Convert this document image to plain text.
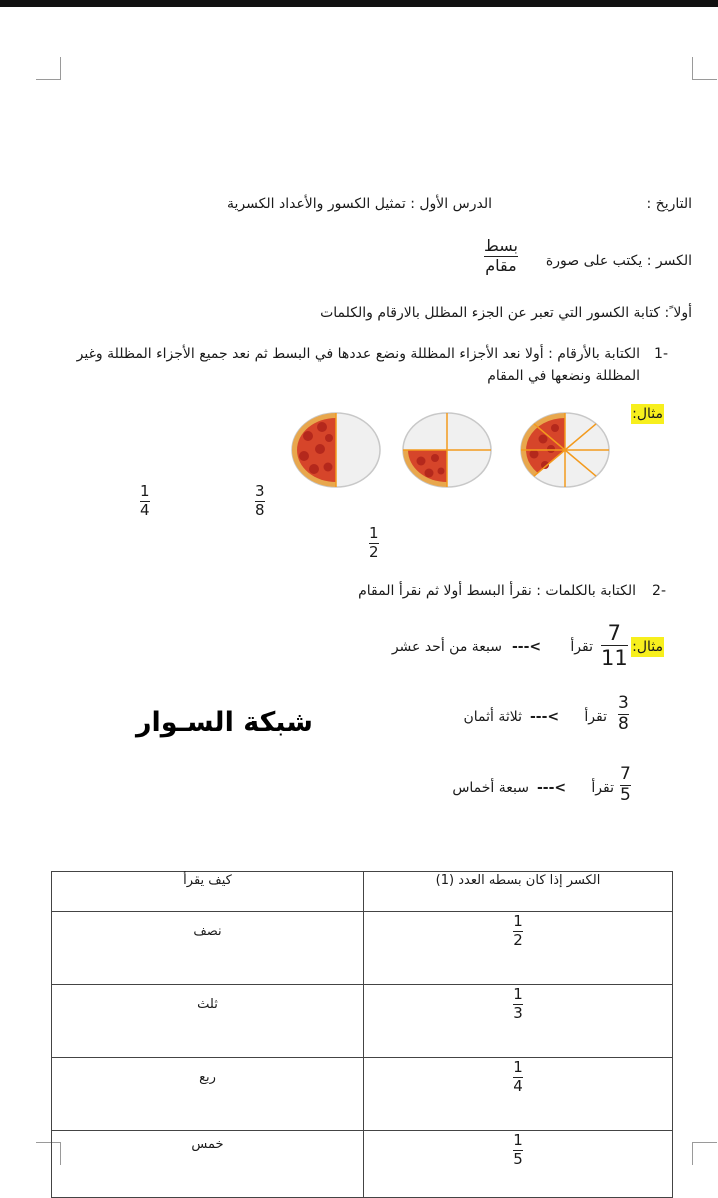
التاريخ :
الدرس الأول : تمثيل الكسور والأعداد الكسرية
الكسر : يكتب على صورة
$\frac{\text{بسط}}{\text{مقام}}$
أولا ً: كتابة الكسور التي تعبر عن الجزء المظلل بالارقام والكلمات
-1
الكتابة بالأرقام : أولا نعد الأجزاء المظللة ونضع عددها في البسط ثم نعد جميع الأجزاء المظللة وغير
المظللة ونضعها في المقام
مثال:
$\frac{1}{4}$	$\frac{3}{8}$
$\frac{1}{2}$
-2
الكتابة بالكلمات : نقرأ البسط أولا ثم نقرأ المقام
مثال:
$\frac{7}{11}$
تقرأ
---<
سبعة من أحد عشر
شبكة السـوار	$\frac{3}{8}$
تقرأ
---<
ثلاثة أثمان
$\frac{7}{5}$
تقرأ
---<
سبعة أخماس
كيف يقرأ	الكسر إذا كان بسطه العدد (1)
نصف	$\frac{1}{2}$

ثلث	$\frac{1}{3}$

ربع	$\frac{1}{4}$

خمس	$\frac{1}{5}$
